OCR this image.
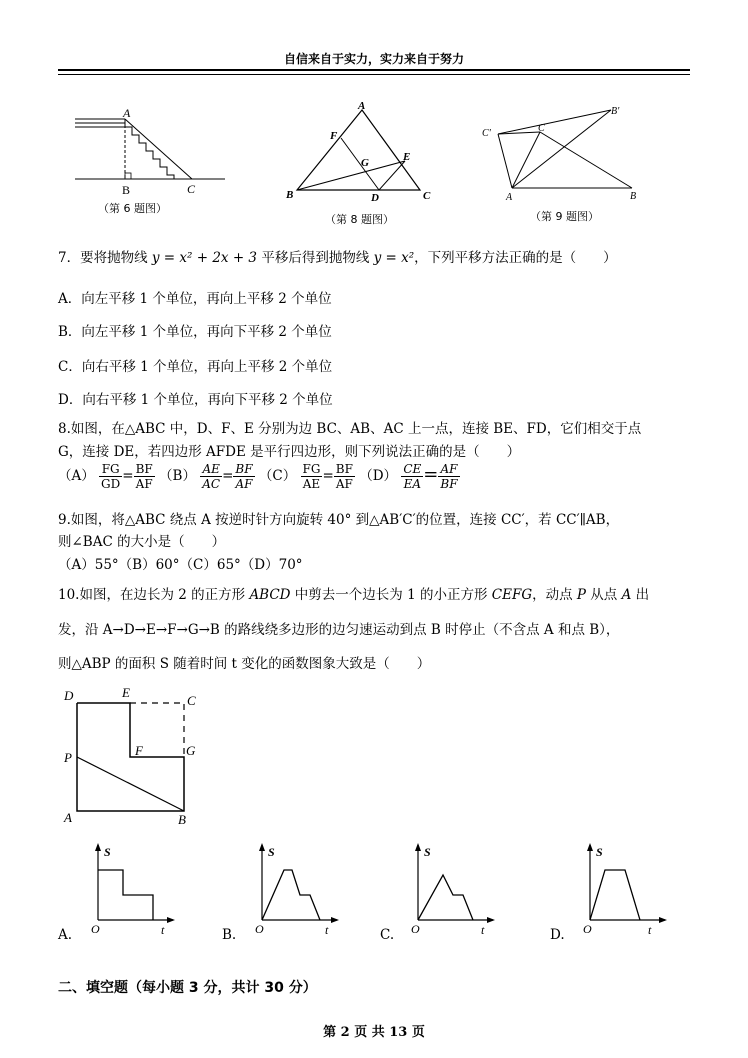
自信来自于实力，实力来自于努力
A
B	C
（第 6 题图）
A
B	C
D
E
F
G
（第 8 题图）
A	B
C
C'
B'
（第 9 题图）
7．要将抛物线 y = x² + 2x + 3 平移后得到抛物线 y = x²，下列平移方法正确的是（　　）
A．向左平移 1 个单位，再向上平移 2 个单位
B．向左平移 1 个单位，再向下平移 2 个单位
C．向右平移 1 个单位，再向上平移 2 个单位
D．向右平移 1 个单位，再向下平移 2 个单位
8.如图，在△ABC 中，D、F、E 分别为边 BC、AB、AC 上一点，连接 BE、FD，它们相交于点
G，连接 DE，若四边形 AFDE 是平行四边形，则下列说法正确的是（　　）
$(A) \frac{FG}{GD} = \frac{BF}{AF} (B) \frac{AE}{AC} = \frac{BF}{AF} (C) \frac{FG}{AE} = \frac{BF}{AF} (D) \frac{CE}{EA} = \frac{AF}{BF}$
9.如图，将△ABC 绕点 A 按逆时针方向旋转 40° 到△AB′C′的位置，连接 CC′，若 CC′∥AB，
则∠BAC 的大小是（　　）
（A）55°（B）60°（C）65°（D）70°
10.如图，在边长为 2 的正方形 ABCD 中剪去一个边长为 1 的小正方形 CEFG，动点 P 从点 A 出
发，沿 A→D→E→F→G→B 的路线绕多边形的边匀速运动到点 B 时停止（不含点 A 和点 B），
则△ABP 的面积 S 随着时间 t 变化的函数图象大致是（　　）
D	E
C
F	G
P
A	B
S
O	t
A.
S
O	t
B.
S
O	t
C.
S
O	t
D.
二、填空题（每小题 3 分，共计 30 分）
第 2 页 共 13 页
